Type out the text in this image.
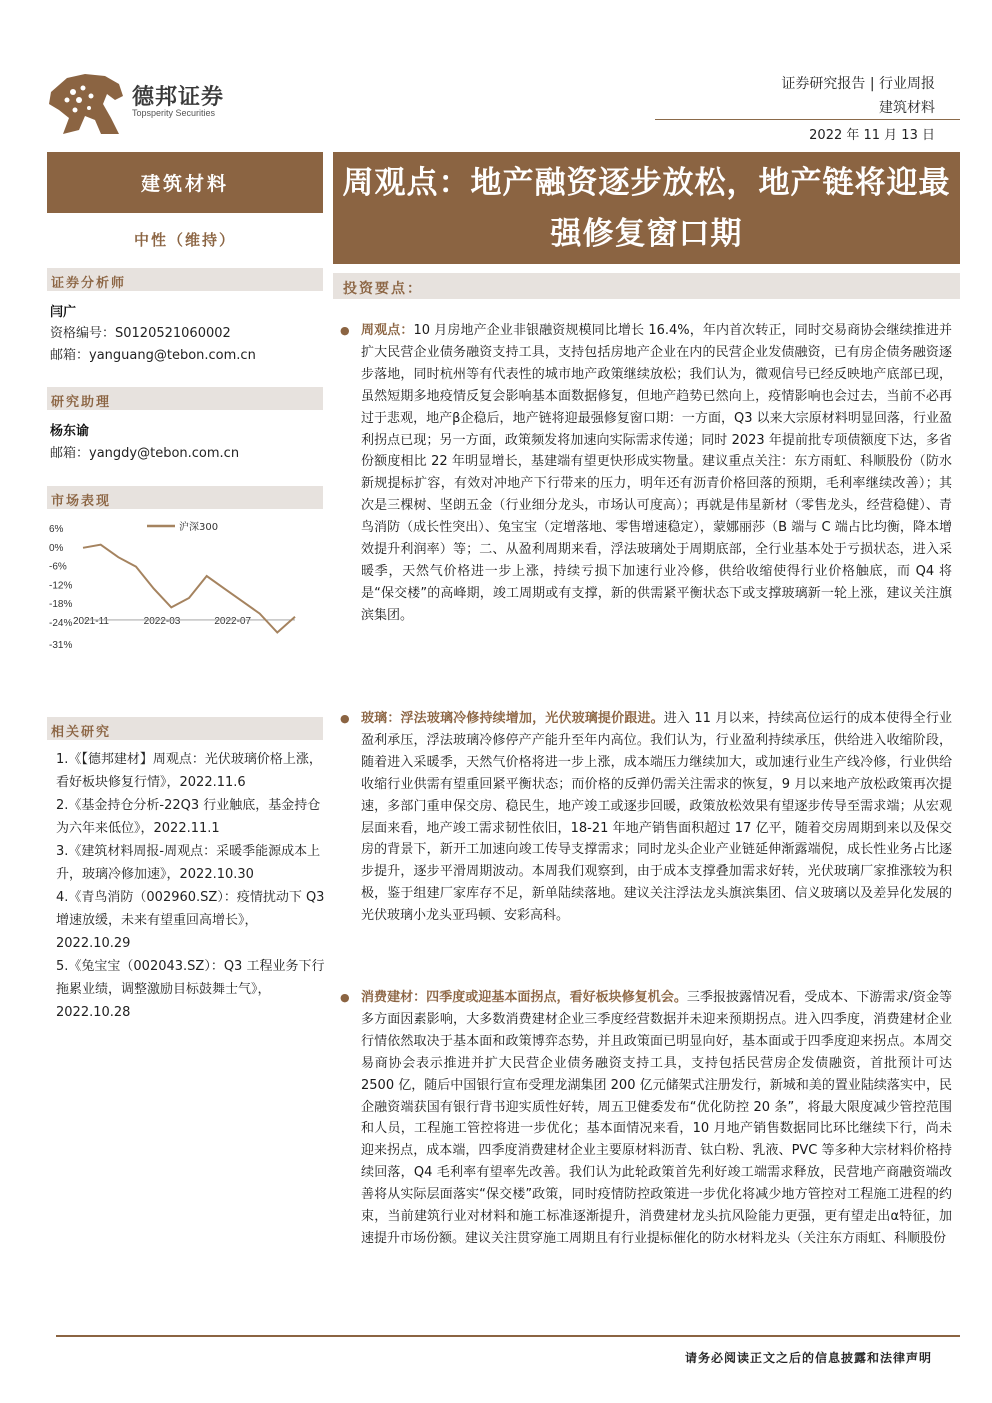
德邦证券
Topsperity Securities
证券研究报告 | 行业周报
建筑材料
2022 年 11 月 13 日
建筑材料
中性（维持）
证券分析师
闫广
资格编号：S0120521060002
邮箱：yanguang@tebon.com.cn
研究助理
杨东谕
邮箱：yangdy@tebon.com.cn
市场表现
6%
0%
-6%
-12%
-18%
-24%
-31%
2021-11	2022-03	2022-07
沪深300
相关研究
1.《【德邦建材】周观点：光伏玻璃价格上涨，看好板块修复行情》，2022.11.6
2.《基金持仓分析-22Q3 行业触底，基金持仓为六年来低位》，2022.11.1
3.《建筑材料周报-周观点：采暖季能源成本上升，玻璃冷修加速》，2022.10.30
4.《青鸟消防（002960.SZ）：疫情扰动下 Q3 增速放缓，未来有望重回高增长》，2022.10.29
5.《兔宝宝（002043.SZ）：Q3 工程业务下行拖累业绩，调整激励目标鼓舞士气》，2022.10.28
周观点：地产融资逐步放松，地产链将迎最强修复窗口期
投资要点：
● 周观点：10 月房地产企业非银融资规模同比增长 16.4%，年内首次转正，同时交易商协会继续推进并扩大民营企业债务融资支持工具，支持包括房地产企业在内的民营企业发债融资，已有房企债务融资逐步落地，同时杭州等有代表性的城市地产政策继续放松；我们认为，微观信号已经反映地产底部已现，虽然短期多地疫情反复会影响基本面数据修复，但地产趋势已然向上，疫情影响也会过去，当前不必再过于悲观，地产β企稳后，地产链将迎最强修复窗口期：一方面，Q3 以来大宗原材料明显回落，行业盈利拐点已现；另一方面，政策频发将加速向实际需求传递；同时 2023 年提前批专项债额度下达，多省份额度相比 22 年明显增长，基建端有望更快形成实物量。建议重点关注：东方雨虹、科顺股份（防水新规提标扩容，有效对冲地产下行带来的压力，明年还有沥青价格回落的预期，毛利率继续改善）；其次是三棵树、坚朗五金（行业细分龙头，市场认可度高）；再就是伟星新材（零售龙头，经营稳健）、青鸟消防（成长性突出）、兔宝宝（定增落地、零售增速稳定），蒙娜丽莎（B 端与 C 端占比均衡，降本增效提升利润率）等；二、从盈利周期来看，浮法玻璃处于周期底部，全行业基本处于亏损状态，进入采暖季，天然气价格进一步上涨，持续亏损下加速行业冷修，供给收缩使得行业价格触底，而 Q4 将是“保交楼”的高峰期，竣工周期或有支撑，新的供需紧平衡状态下或支撑玻璃新一轮上涨，建议关注旗滨集团。
● 玻璃：浮法玻璃冷修持续增加，光伏玻璃提价跟进。进入 11 月以来，持续高位运行的成本使得全行业盈利承压，浮法玻璃冷修停产产能升至年内高位。我们认为，行业盈利持续承压，供给进入收缩阶段，随着进入采暖季，天然气价格将进一步上涨，成本端压力继续加大，或加速行业生产线冷修，行业供给收缩行业供需有望重回紧平衡状态；而价格的反弹仍需关注需求的恢复，9 月以来地产放松政策再次提速，多部门重申保交房、稳民生，地产竣工或逐步回暖，政策放松效果有望逐步传导至需求端；从宏观层面来看，地产竣工需求韧性依旧，18-21 年地产销售面积超过 17 亿平，随着交房周期到来以及保交房的背景下，新开工加速向竣工传导支撑需求；同时龙头企业产业链延伸渐露端倪，成长性业务占比逐步提升，逐步平滑周期波动。本周我们观察到，由于成本支撑叠加需求好转，光伏玻璃厂家推涨较为积极，鉴于组建厂家库存不足，新单陆续落地。建议关注浮法龙头旗滨集团、信义玻璃以及差异化发展的光伏玻璃小龙头亚玛顿、安彩高科。
● 消费建材：四季度或迎基本面拐点，看好板块修复机会。三季报披露情况看，受成本、下游需求/资金等多方面因素影响，大多数消费建材企业三季度经营数据并未迎来预期拐点。进入四季度，消费建材企业行情依然取决于基本面和政策博弈态势，并且政策面已明显向好，基本面或于四季度迎来拐点。本周交易商协会表示推进并扩大民营企业债务融资支持工具，支持包括民营房企发债融资，首批预计可达 2500 亿，随后中国银行宣布受理龙湖集团 200 亿元储架式注册发行，新城和美的置业陆续落实中，民企融资端获国有银行背书迎实质性好转，周五卫健委发布“优化防控 20 条”，将最大限度减少管控范围和人员，工程施工管控将进一步优化；基本面情况来看，10 月地产销售数据同比环比继续下行，尚未迎来拐点，成本端，四季度消费建材企业主要原材料沥青、钛白粉、乳液、PVC 等多种大宗材料价格持续回落，Q4 毛利率有望率先改善。我们认为此轮政策首先利好竣工端需求释放，民营地产商融资端改善将从实际层面落实“保交楼”政策，同时疫情防控政策进一步优化将减少地方管控对工程施工进程的约束，当前建筑行业对材料和施工标准逐渐提升，消费建材龙头抗风险能力更强，更有望走出α特征，加速提升市场份额。建议关注贯穿施工周期且有行业提标催化的防水材料龙头（关注东方雨虹、科顺股份
请务必阅读正文之后的信息披露和法律声明
